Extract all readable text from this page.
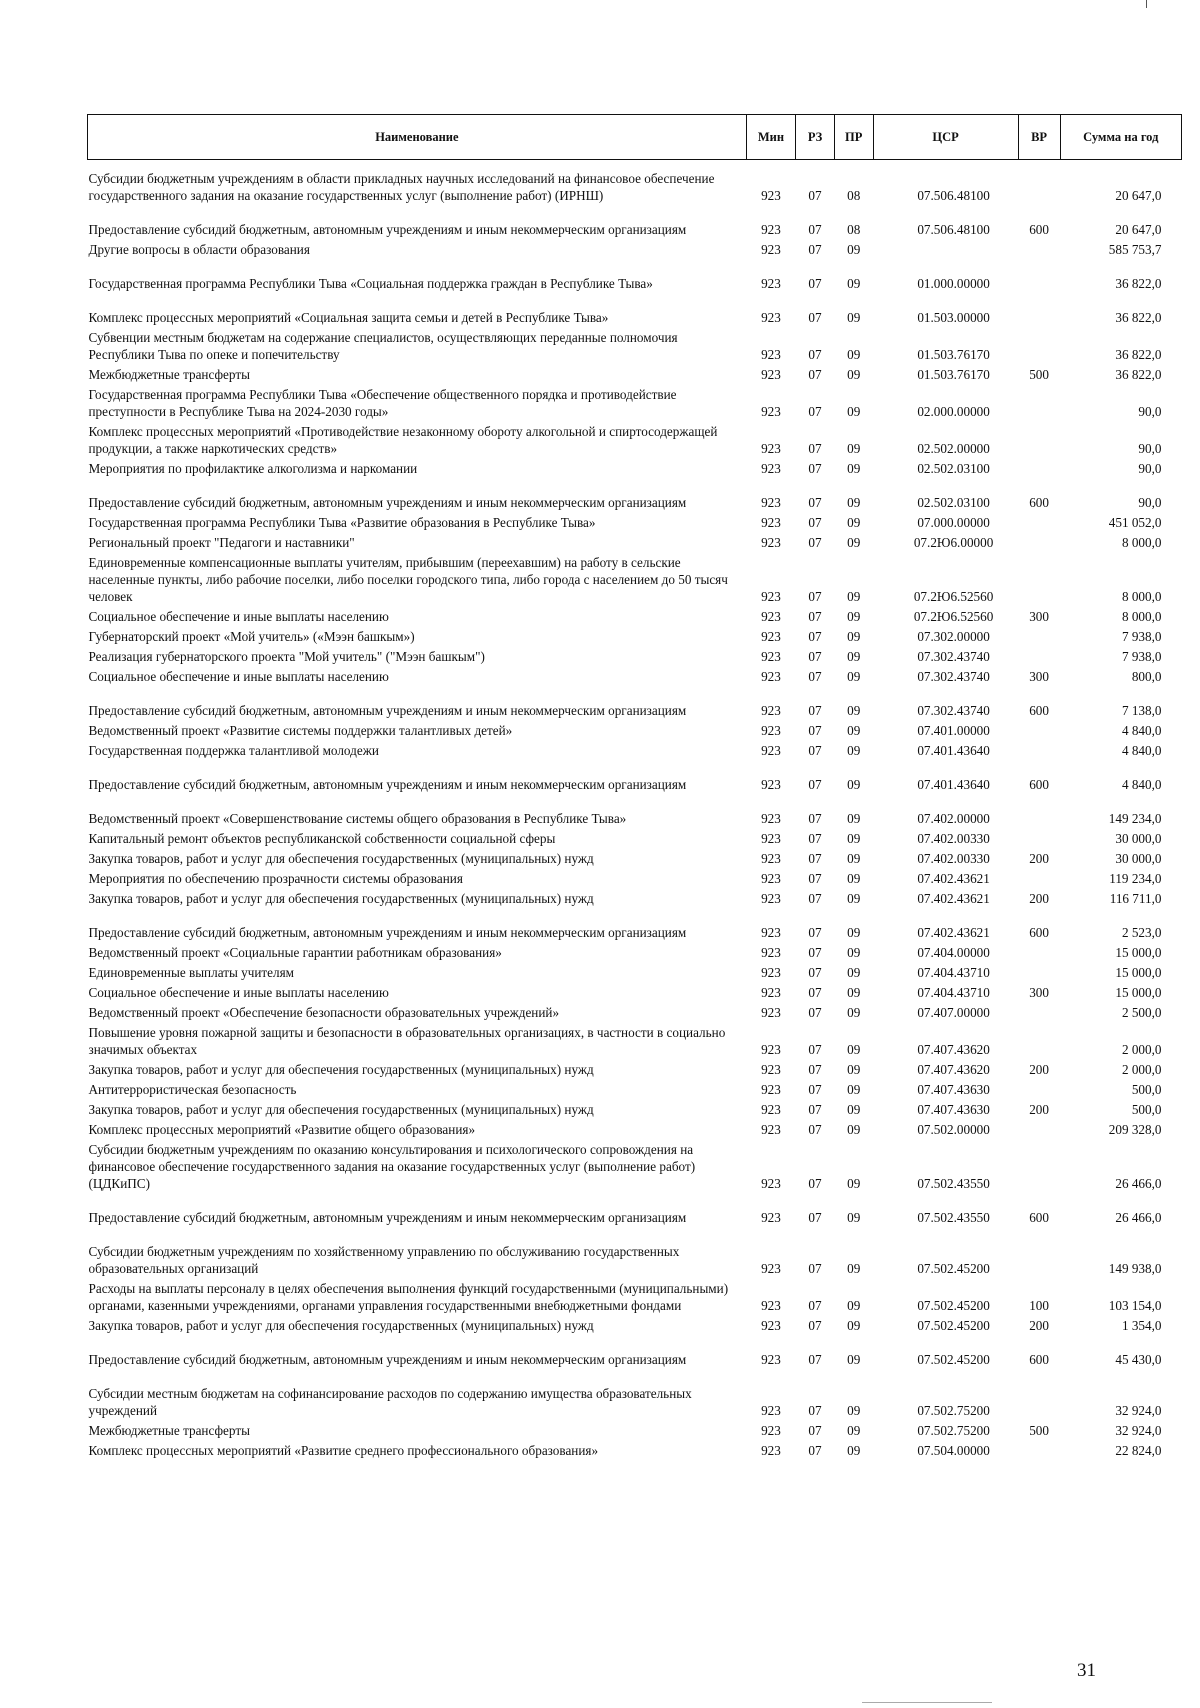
Наименование	Мин	РЗ	ПР	ЦСР	ВР	Сумма на год
Субсидии бюджетным учреждениям в области прикладных научных исследований на финансовое обеспечение государственного задания на оказание государственных услуг (выполнение работ) (ИРНШ)	923	07	08	07.506.48100		20 647,0
Предоставление субсидий бюджетным, автономным учреждениям и иным некоммерческим организациям	923	07	08	07.506.48100	600	20 647,0
Другие вопросы в области образования	923	07	09			585 753,7
Государственная программа Республики Тыва «Социальная поддержка граждан в Республике Тыва»	923	07	09	01.000.00000		36 822,0
Комплекс процессных мероприятий «Социальная защита семьи и детей в Республике Тыва»	923	07	09	01.503.00000		36 822,0
Субвенции местным бюджетам на содержание специалистов, осуществляющих переданные полномочия Республики Тыва по опеке и попечительству	923	07	09	01.503.76170		36 822,0
Межбюджетные трансферты	923	07	09	01.503.76170	500	36 822,0
Государственная программа Республики Тыва «Обеспечение общественного порядка и противодействие преступности в Республике Тыва на 2024-2030 годы»	923	07	09	02.000.00000		90,0
Комплекс процессных мероприятий «Противодействие незаконному обороту алкогольной и спиртосодержащей продукции, а также наркотических средств»	923	07	09	02.502.00000		90,0
Мероприятия по профилактике алкоголизма и наркомании	923	07	09	02.502.03100		90,0
Предоставление субсидий бюджетным, автономным учреждениям и иным некоммерческим организациям	923	07	09	02.502.03100	600	90,0
Государственная программа Республики Тыва «Развитие образования в Республике Тыва»	923	07	09	07.000.00000		451 052,0
Региональный проект "Педагоги и наставники"	923	07	09	07.2Ю6.00000		8 000,0
Единовременные компенсационные выплаты учителям, прибывшим (переехавшим) на работу в сельские населенные пункты, либо рабочие поселки, либо поселки городского типа, либо города с населением до 50 тысяч человек	923	07	09	07.2Ю6.52560		8 000,0
Социальное обеспечение и иные выплаты населению	923	07	09	07.2Ю6.52560	300	8 000,0
Губернаторский проект «Мой учитель» («Мээн башкым»)	923	07	09	07.302.00000		7 938,0
Реализация губернаторского проекта "Мой учитель" ("Мээн башкым")	923	07	09	07.302.43740		7 938,0
Социальное обеспечение и иные выплаты населению	923	07	09	07.302.43740	300	800,0
Предоставление субсидий бюджетным, автономным учреждениям и иным некоммерческим организациям	923	07	09	07.302.43740	600	7 138,0
Ведомственный проект «Развитие системы поддержки талантливых детей»	923	07	09	07.401.00000		4 840,0
Государственная поддержка талантливой молодежи	923	07	09	07.401.43640		4 840,0
Предоставление субсидий бюджетным, автономным учреждениям и иным некоммерческим организациям	923	07	09	07.401.43640	600	4 840,0
Ведомственный проект «Совершенствование системы общего образования в Республике Тыва»	923	07	09	07.402.00000		149 234,0
Капитальный ремонт объектов республиканской собственности социальной сферы	923	07	09	07.402.00330		30 000,0
Закупка товаров, работ и услуг для обеспечения государственных (муниципальных) нужд	923	07	09	07.402.00330	200	30 000,0
Мероприятия по обеспечению прозрачности системы образования	923	07	09	07.402.43621		119 234,0
Закупка товаров, работ и услуг для обеспечения государственных (муниципальных) нужд	923	07	09	07.402.43621	200	116 711,0
Предоставление субсидий бюджетным, автономным учреждениям и иным некоммерческим организациям	923	07	09	07.402.43621	600	2 523,0
Ведомственный проект «Социальные гарантии работникам образования»	923	07	09	07.404.00000		15 000,0
Единовременные выплаты учителям	923	07	09	07.404.43710		15 000,0
Социальное обеспечение и иные выплаты населению	923	07	09	07.404.43710	300	15 000,0
Ведомственный проект «Обеспечение безопасности образовательных учреждений»	923	07	09	07.407.00000		2 500,0
Повышение уровня пожарной защиты и безопасности в образовательных организациях, в частности в социально значимых объектах	923	07	09	07.407.43620		2 000,0
Закупка товаров, работ и услуг для обеспечения государственных (муниципальных) нужд	923	07	09	07.407.43620	200	2 000,0
Антитеррористическая безопасность	923	07	09	07.407.43630		500,0
Закупка товаров, работ и услуг для обеспечения государственных (муниципальных) нужд	923	07	09	07.407.43630	200	500,0
Комплекс процессных мероприятий «Развитие общего образования»	923	07	09	07.502.00000		209 328,0
Субсидии бюджетным учреждениям по оказанию консультирования и психологического сопровождения на финансовое обеспечение государственного задания на оказание государственных услуг (выполнение работ) (ЦДКиПС)	923	07	09	07.502.43550		26 466,0
Предоставление субсидий бюджетным, автономным учреждениям и иным некоммерческим организациям	923	07	09	07.502.43550	600	26 466,0
Субсидии бюджетным учреждениям по хозяйственному управлению по обслуживанию государственных образовательных организаций	923	07	09	07.502.45200		149 938,0
Расходы на выплаты персоналу в целях обеспечения выполнения функций государственными (муниципальными) органами, казенными учреждениями, органами управления государственными внебюджетными фондами	923	07	09	07.502.45200	100	103 154,0
Закупка товаров, работ и услуг для обеспечения государственных (муниципальных) нужд	923	07	09	07.502.45200	200	1 354,0
Предоставление субсидий бюджетным, автономным учреждениям и иным некоммерческим организациям	923	07	09	07.502.45200	600	45 430,0
Субсидии местным бюджетам на софинансирование расходов по содержанию имущества образовательных учреждений	923	07	09	07.502.75200		32 924,0
Межбюджетные трансферты	923	07	09	07.502.75200	500	32 924,0
Комплекс процессных мероприятий «Развитие среднего профессионального образования»	923	07	09	07.504.00000		22 824,0
31
